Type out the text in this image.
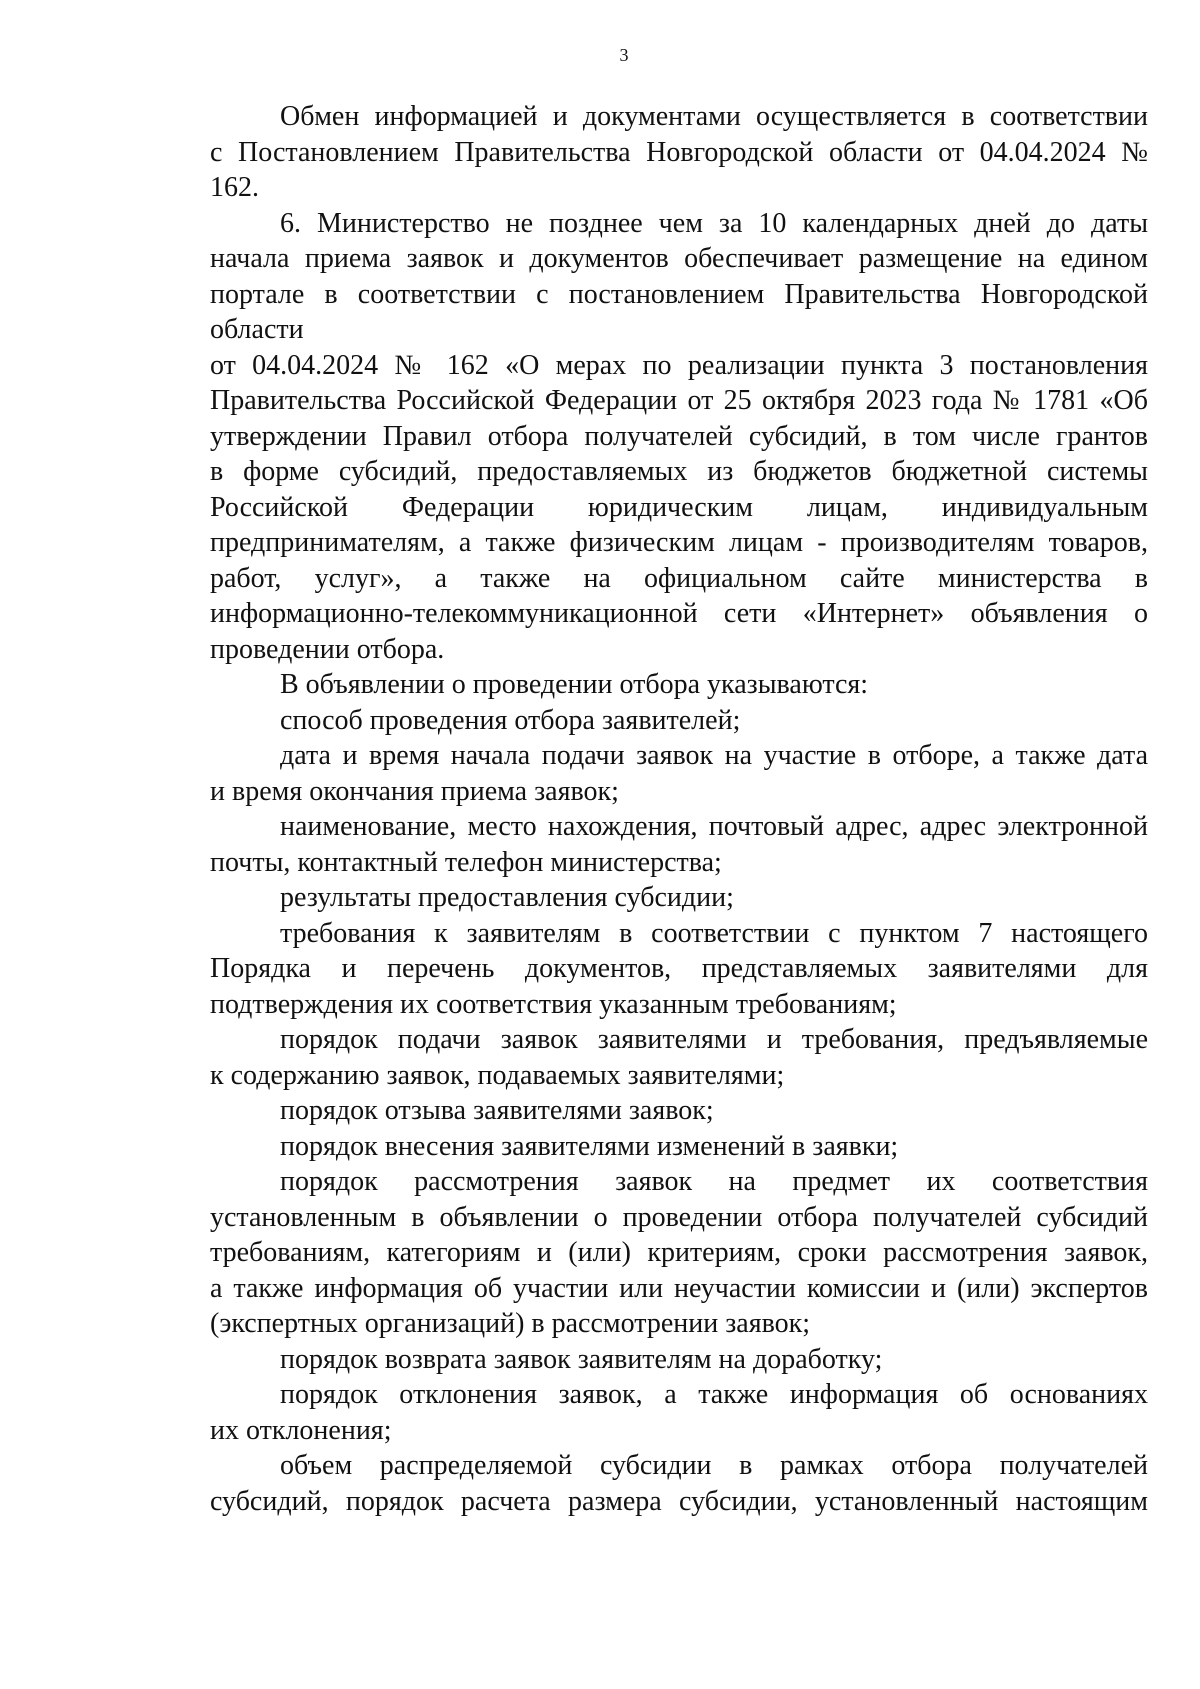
3
Обмен информацией и документами осуществляется в соответствии
с Постановлением Правительства Новгородской области от 04.04.2024 №
162.
6. Министерство не позднее чем за 10 календарных дней до даты
начала приема заявок и документов обеспечивает размещение на едином
портале в соответствии с постановлением Правительства Новгородской
области
от 04.04.2024 № 162 «О мерах по реализации пункта 3 постановления
Правительства Российской Федерации от 25 октября 2023 года № 1781 «Об
утверждении Правил отбора получателей субсидий, в том числе грантов
в форме субсидий, предоставляемых из бюджетов бюджетной системы
Российской Федерации юридическим лицам, индивидуальным
предпринимателям, а также физическим лицам - производителям товаров,
работ, услуг», а также на официальном сайте министерства в
информационно-телекоммуникационной сети «Интернет» объявления о
проведении отбора.
В объявлении о проведении отбора указываются:
способ проведения отбора заявителей;
дата и время начала подачи заявок на участие в отборе, а также дата
и время окончания приема заявок;
наименование, место нахождения, почтовый адрес, адрес электронной
почты, контактный телефон министерства;
результаты предоставления субсидии;
требования к заявителям в соответствии с пунктом 7 настоящего
Порядка и перечень документов, представляемых заявителями для
подтверждения их соответствия указанным требованиям;
порядок подачи заявок заявителями и требования, предъявляемые
к содержанию заявок, подаваемых заявителями;
порядок отзыва заявителями заявок;
порядок внесения заявителями изменений в заявки;
порядок рассмотрения заявок на предмет их соответствия
установленным в объявлении о проведении отбора получателей субсидий
требованиям, категориям и (или) критериям, сроки рассмотрения заявок,
а также информация об участии или неучастии комиссии и (или) экспертов
(экспертных организаций) в рассмотрении заявок;
порядок возврата заявок заявителям на доработку;
порядок отклонения заявок, а также информация об основаниях
их отклонения;
объем распределяемой субсидии в рамках отбора получателей
субсидий, порядок расчета размера субсидии, установленный настоящим
